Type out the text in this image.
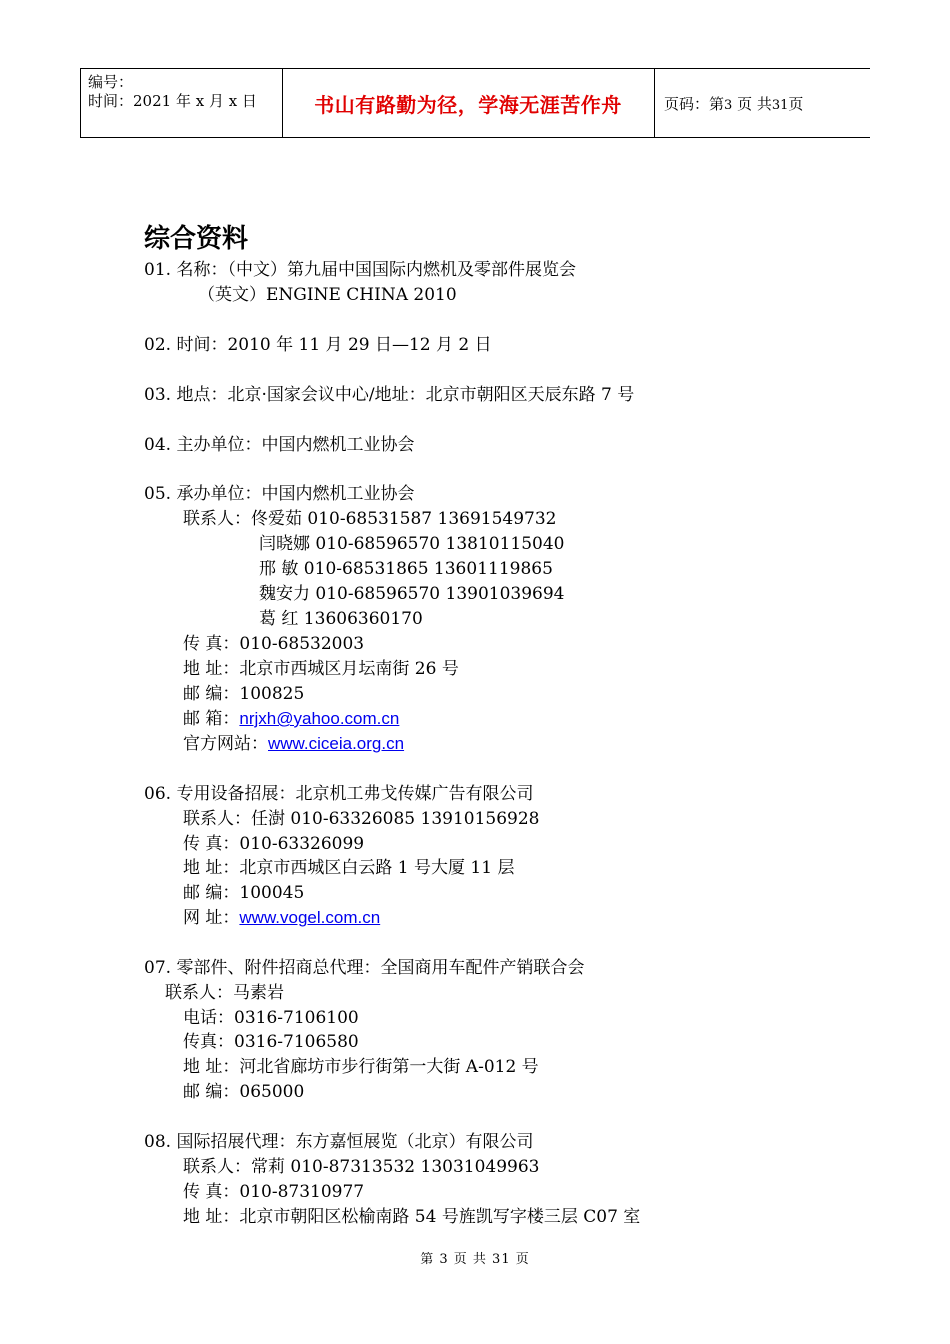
编号：
时间：2021 年 x 月 x 日	书山有路勤为径，学海无涯苦作舟	页码：第3 页 共31页
综合资料
01. 名称：（中文）第九届中国国际内燃机及零部件展览会
（英文）ENGINE CHINA 2010
02. 时间：2010 年 11 月 29 日—12 月 2 日
03. 地点：北京·国家会议中心/地址：北京市朝阳区天辰东路 7 号
04. 主办单位：中国内燃机工业协会
05. 承办单位：中国内燃机工业协会
联系人：佟爱茹 010-68531587 13691549732
闫晓娜 010-68596570 13810115040
邢 敏 010-68531865 13601119865
魏安力 010-68596570 13901039694
葛 红 13606360170
传 真：010-68532003
地 址：北京市西城区月坛南街 26 号
邮 编：100825
邮 箱：nrjxh@yahoo.com.cn
官方网站：www.ciceia.org.cn
06. 专用设备招展：北京机工弗戈传媒广告有限公司
联系人：任澍 010-63326085 13910156928
传 真：010-63326099
地 址：北京市西城区白云路 1 号大厦 11 层
邮 编：100045
网 址：www.vogel.com.cn
07. 零部件、附件招商总代理：全国商用车配件产销联合会
联系人：马素岩
电话：0316-7106100
传真：0316-7106580
地 址：河北省廊坊市步行街第一大街 A-012 号
邮 编：065000
08. 国际招展代理：东方嘉恒展览（北京）有限公司
联系人：常莉 010-87313532 13031049963
传 真：010-87310977
地 址：北京市朝阳区松榆南路 54 号旌凯写字楼三层 C07 室
第 3 页 共 31 页
